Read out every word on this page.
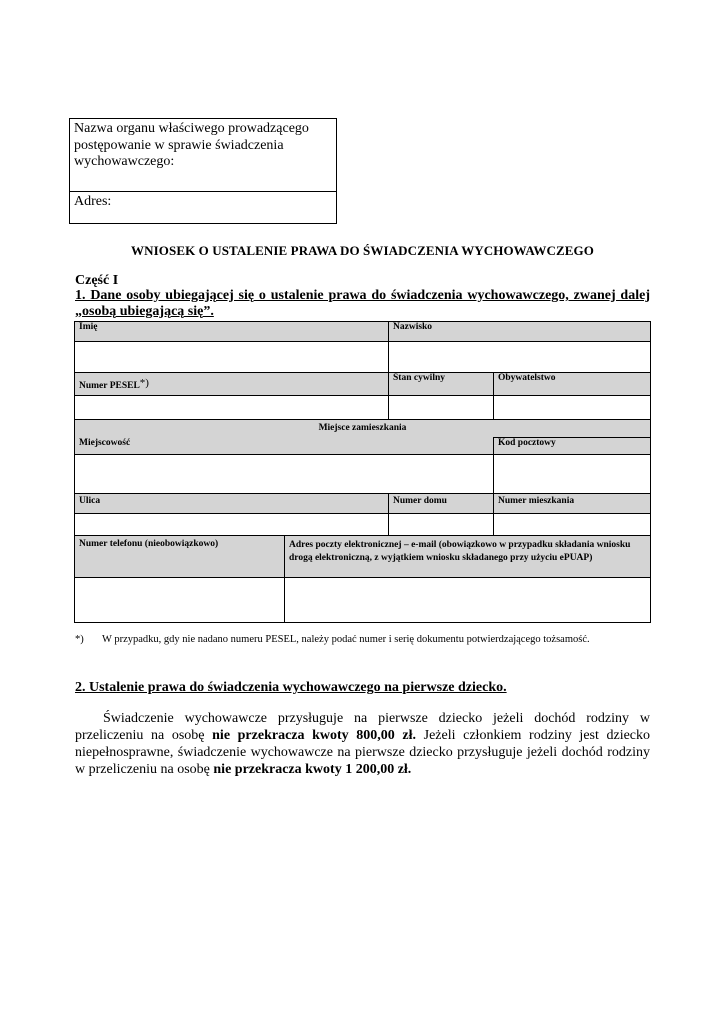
Nazwa organu właściwego prowadzącego postępowanie w sprawie świadczenia wychowawczego:
Adres:
WNIOSEK O USTALENIE PRAWA DO ŚWIADCZENIA WYCHOWAWCZEGO
Część I
1. Dane osoby ubiegającej się o ustalenie prawa do świadczenia wychowawczego, zwanej dalej
„osobą ubiegającą się”.
Imię		Nazwisko	

Numer PESEL*)		Stan cywilny	Obywatelstwo

Miejsce zamieszkania			
Miejscowość			Kod pocztowy

Ulica		Numer domu	Numer mieszkania

Numer telefonu (nieobowiązkowo)	Adres poczty elektronicznej – e-mail (obowiązkowo w przypadku składania wniosku drogą elektroniczną, z wyjątkiem wniosku składanego przy użyciu ePUAP)		

*) W przypadku, gdy nie nadano numeru PESEL, należy podać numer i serię dokumentu potwierdzającego tożsamość.
2. Ustalenie prawa do świadczenia wychowawczego na pierwsze dziecko.
Świadczenie wychowawcze przysługuje na pierwsze dziecko jeżeli dochód rodziny w przeliczeniu na osobę nie przekracza kwoty 800,00 zł. Jeżeli członkiem rodziny jest dziecko niepełnosprawne, świadczenie wychowawcze na pierwsze dziecko przysługuje jeżeli dochód rodziny w przeliczeniu na osobę nie przekracza kwoty 1 200,00 zł.
